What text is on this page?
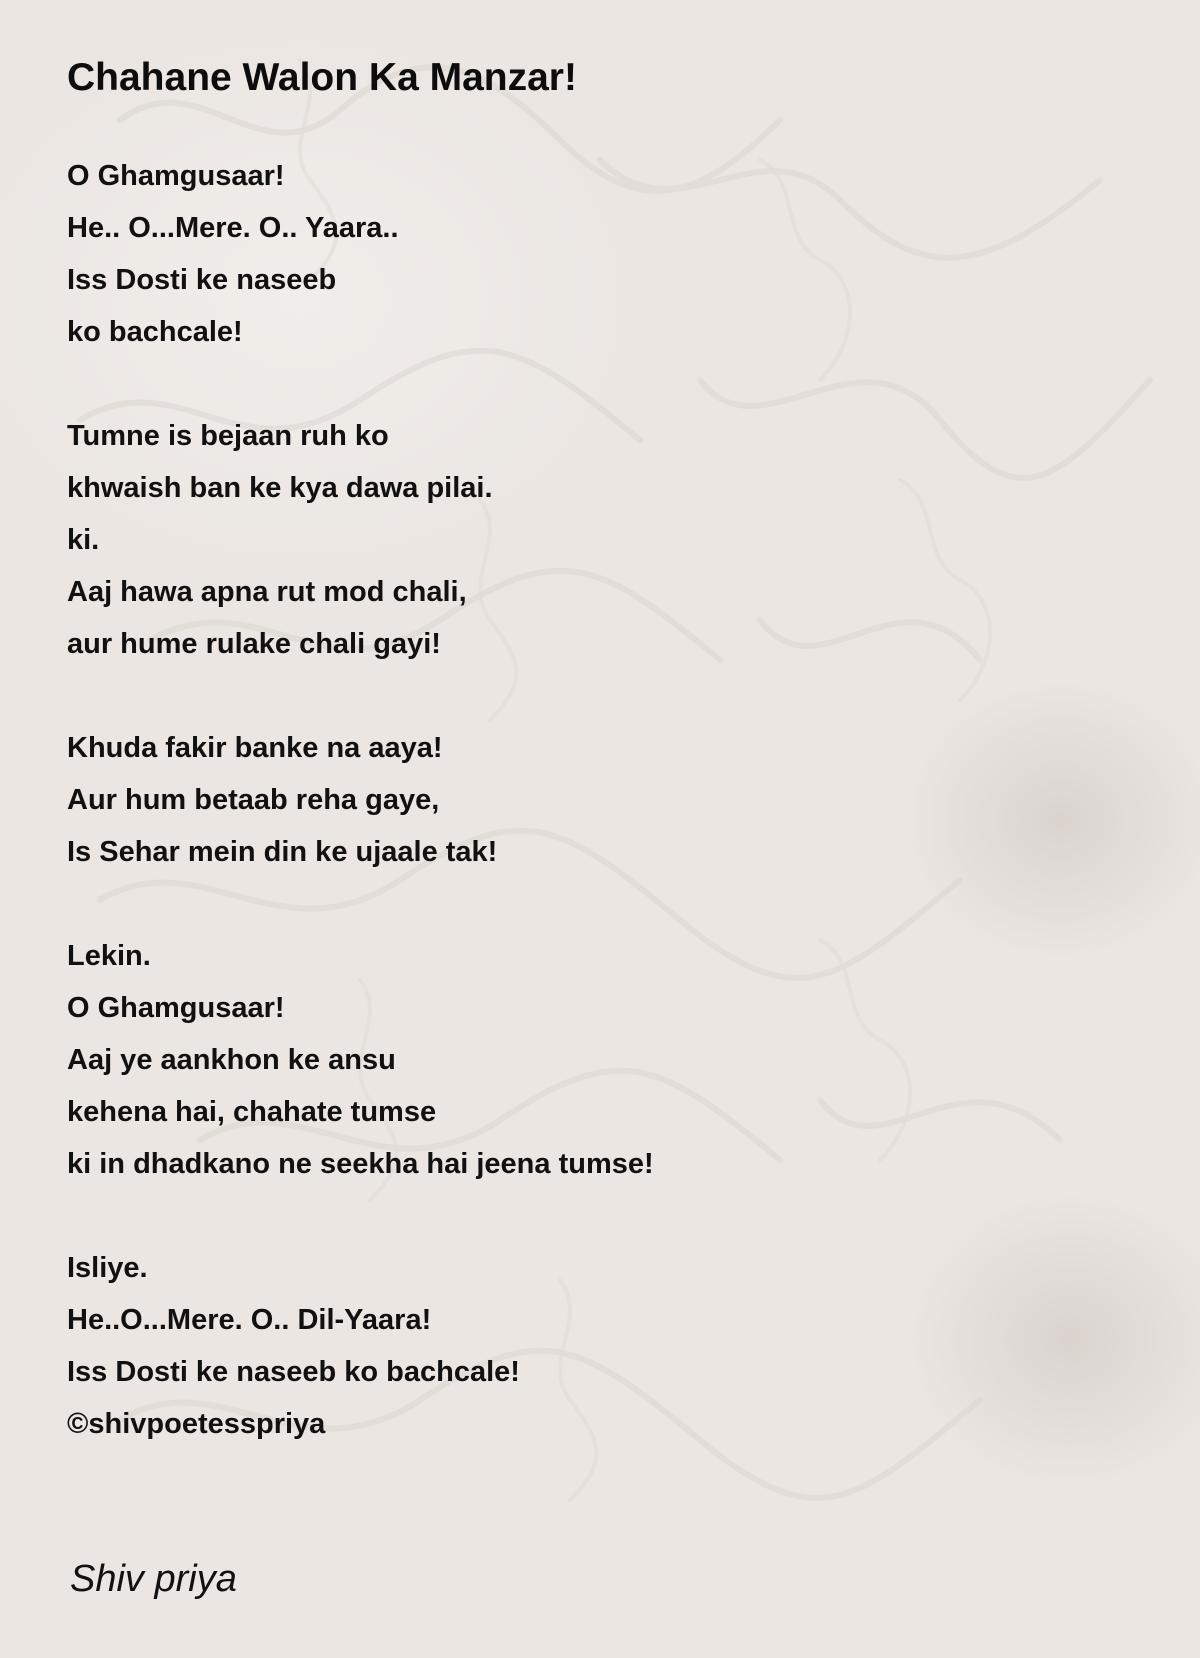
Chahane Walon Ka Manzar!
O Ghamgusaar!
He.. O...Mere. O.. Yaara..
Iss Dosti ke naseeb
ko bachcale!
Tumne is bejaan ruh ko
khwaish ban ke kya dawa pilai.
ki.
Aaj hawa apna rut mod chali,
aur hume rulake chali gayi!
Khuda fakir banke na aaya!
Aur hum betaab reha gaye,
Is Sehar mein din ke ujaale tak!
Lekin.
O Ghamgusaar!
Aaj ye aankhon ke ansu
kehena hai, chahate tumse
ki in dhadkano ne seekha hai jeena tumse!
Isliye.
He..O...Mere. O.. Dil-Yaara!
Iss Dosti ke naseeb ko bachcale!
©shivpoetesspriya
Shiv priya
